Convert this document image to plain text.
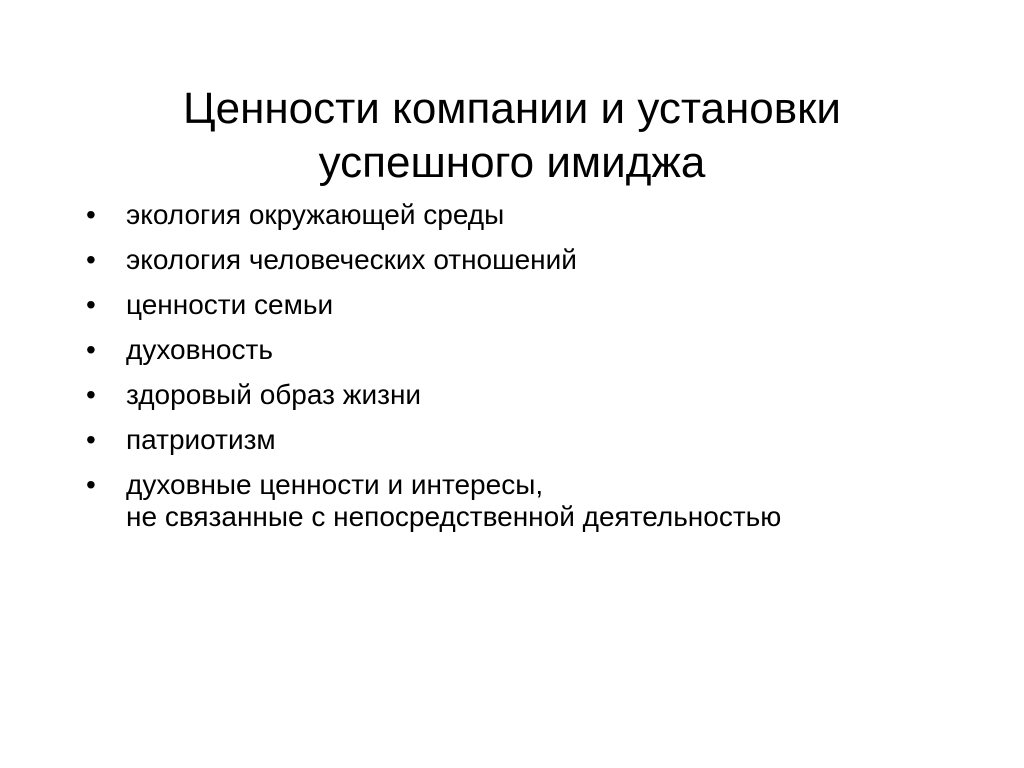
Ценности компании и установки
успешного имиджа
•	экология окружающей среды
•	экология человеческих отношений
•	ценности семьи
•	духовность
•	здоровый образ жизни
•	патриотизм
•	духовные ценности и интересы,
не связанные с непосредственной деятельностью
